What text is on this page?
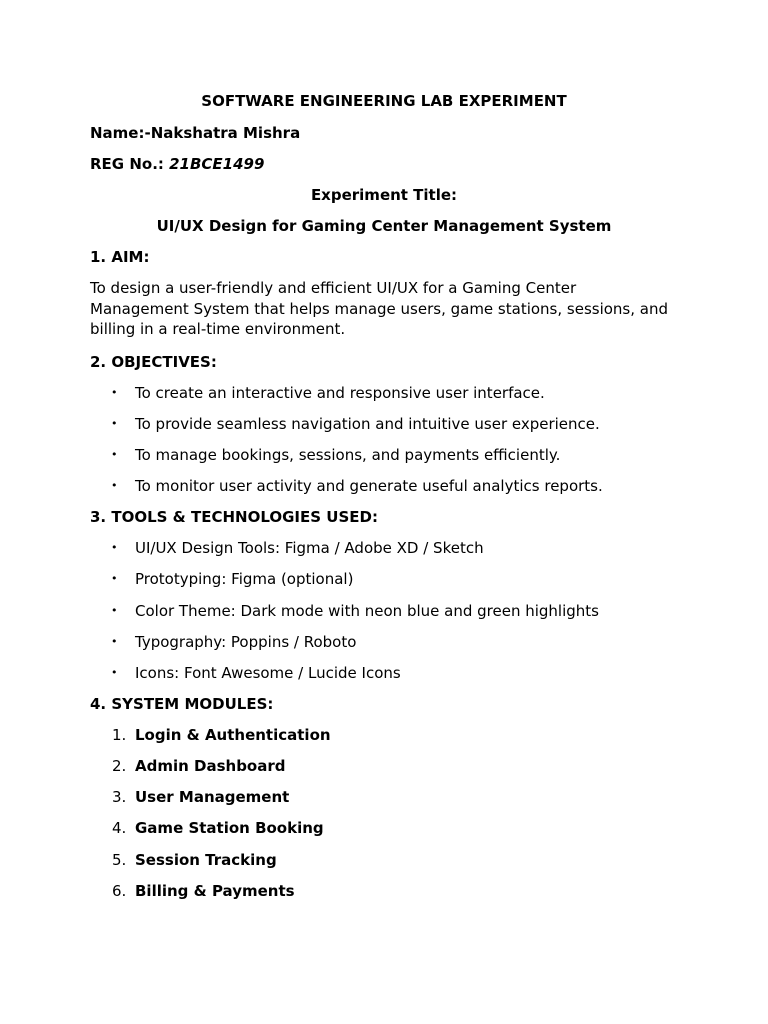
SOFTWARE ENGINEERING LAB EXPERIMENT
Name:-Nakshatra Mishra
REG No.: 21BCE1499
Experiment Title:
UI/UX Design for Gaming Center Management System
1. AIM:
To design a user-friendly and efficient UI/UX for a Gaming Center
Management System that helps manage users, game stations, sessions, and
billing in a real-time environment.
2. OBJECTIVES:
• To create an interactive and responsive user interface.
• To provide seamless navigation and intuitive user experience.
• To manage bookings, sessions, and payments efficiently.
• To monitor user activity and generate useful analytics reports.
3. TOOLS & TECHNOLOGIES USED:
• UI/UX Design Tools: Figma / Adobe XD / Sketch
• Prototyping: Figma (optional)
• Color Theme: Dark mode with neon blue and green highlights
• Typography: Poppins / Roboto
• Icons: Font Awesome / Lucide Icons
4. SYSTEM MODULES:
1. Login & Authentication
2. Admin Dashboard
3. User Management
4. Game Station Booking
5. Session Tracking
6. Billing & Payments
